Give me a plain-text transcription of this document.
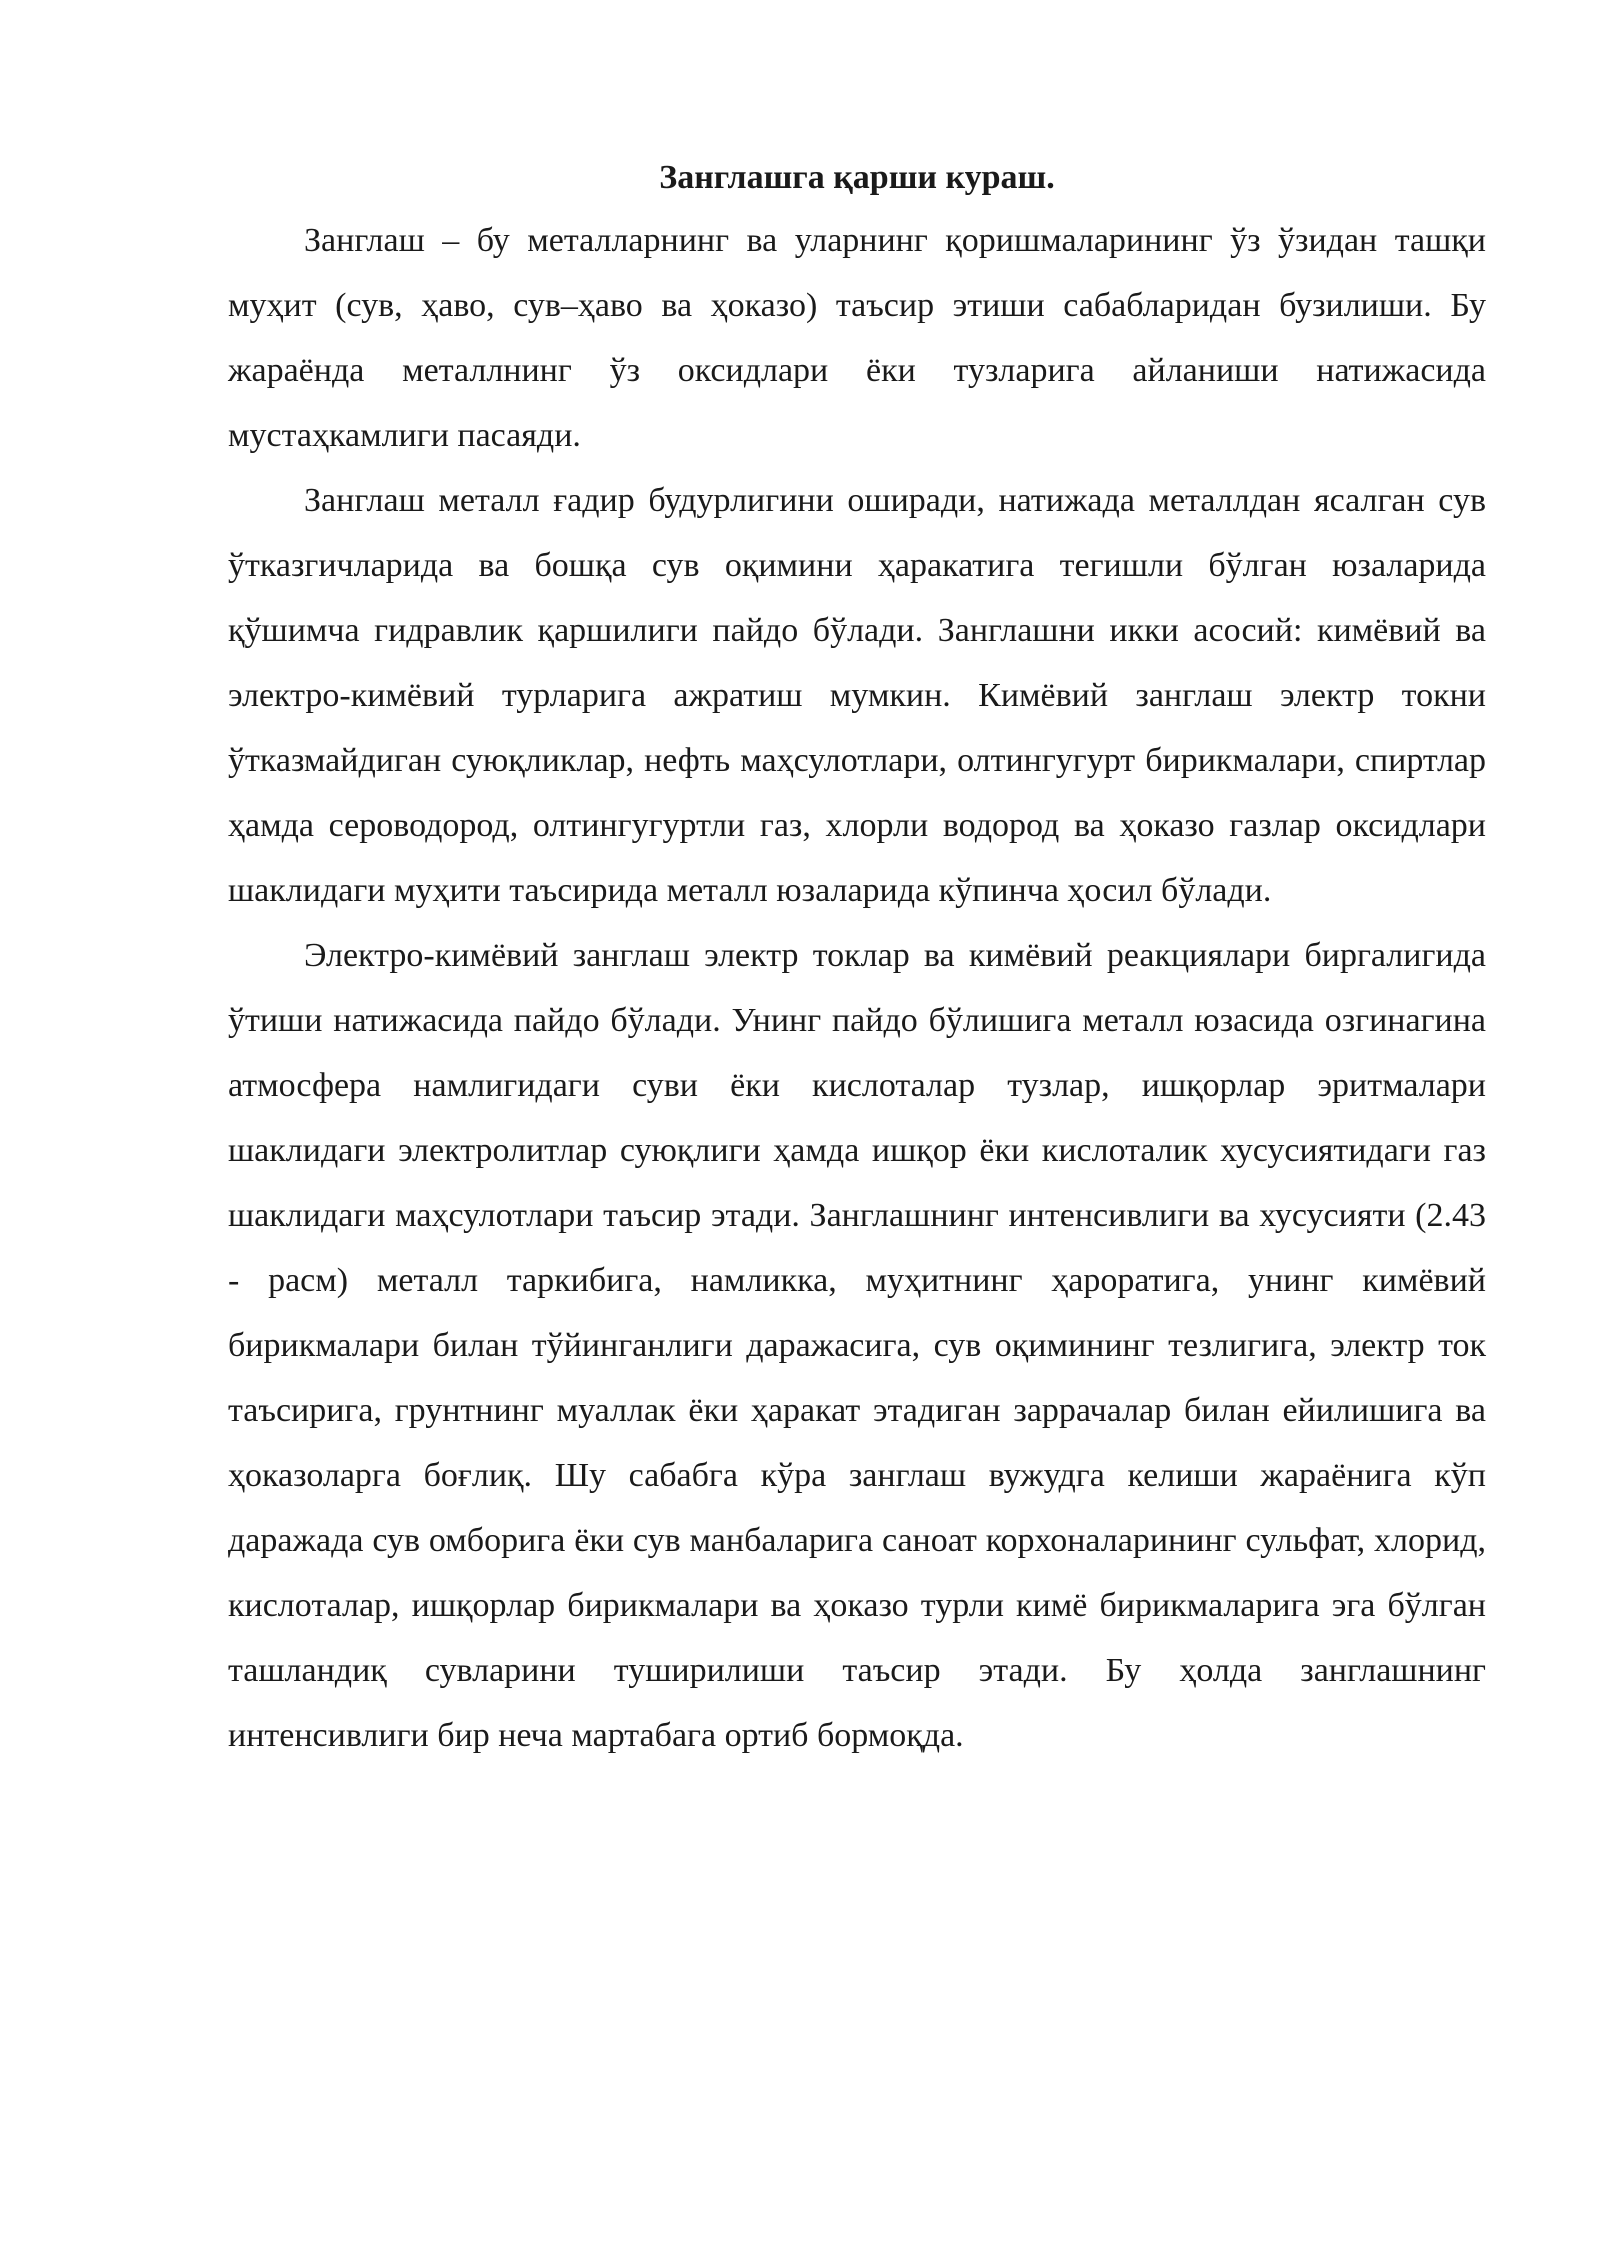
Занглашга қарши кураш.

Занглаш – бу металларнинг ва уларнинг қоришмаларининг ўз ўзидан ташқи муҳит (сув, ҳаво, сув–ҳаво ва ҳоказо) таъсир этиши сабабларидан бузилиши. Бу жараёнда металлнинг ўз оксидлари ёки тузларига айланиши натижасида мустаҳкамлиги пасаяди.

Занглаш металл ғадир будурлигини оширади, натижада металлдан ясалган сув ўтказгичларида ва бошқа сув оқимини ҳаракатига тегишли бўлган юзаларида қўшимча гидравлик қаршилиги пайдо бўлади. Занглашни икки асосий: кимёвий ва электро-кимёвий турларига ажратиш мумкин. Кимёвий занглаш электр токни ўтказмайдиган суюқликлар, нефть маҳсулотлари, олтингугурт бирикмалари, спиртлар ҳамда сероводород, олтингугуртли газ, хлорли водород ва ҳоказо газлар оксидлари шаклидаги муҳити таъсирида металл юзаларида кўпинча ҳосил бўлади.

Электро-кимёвий занглаш электр токлар ва кимёвий реакциялари биргалигида ўтиши натижасида пайдо бўлади. Унинг пайдо бўлишига металл юзасида озгинагина атмосфера намлигидаги суви ёки кислоталар тузлар, ишқорлар эритмалари шаклидаги электролитлар суюқлиги ҳамда ишқор ёки кислоталик хусусиятидаги газ шаклидаги маҳсулотлари таъсир этади. Занглашнинг интенсивлиги ва хусусияти (2.43 - расм) металл таркибига, намликка, муҳитнинг ҳароратига, унинг кимёвий бирикмалари билан тўйинганлиги даражасига, сув оқимининг тезлигига, электр ток таъсирига, грунтнинг муаллак ёки ҳаракат этадиган заррачалар билан ейилишига ва ҳоказоларга боғлиқ. Шу сабабга кўра занглаш вужудга келиши жараёнига кўп даражада сув омборига ёки сув манбаларига саноат корхоналарининг сульфат, хлорид, кислоталар, ишқорлар бирикмалари ва ҳоказо турли кимё бирикмаларига эга бўлган ташландиқ сувларини туширилиши таъсир этади. Бу ҳолда занглашнинг интенсивлиги бир неча мартабага ортиб бормоқда.
